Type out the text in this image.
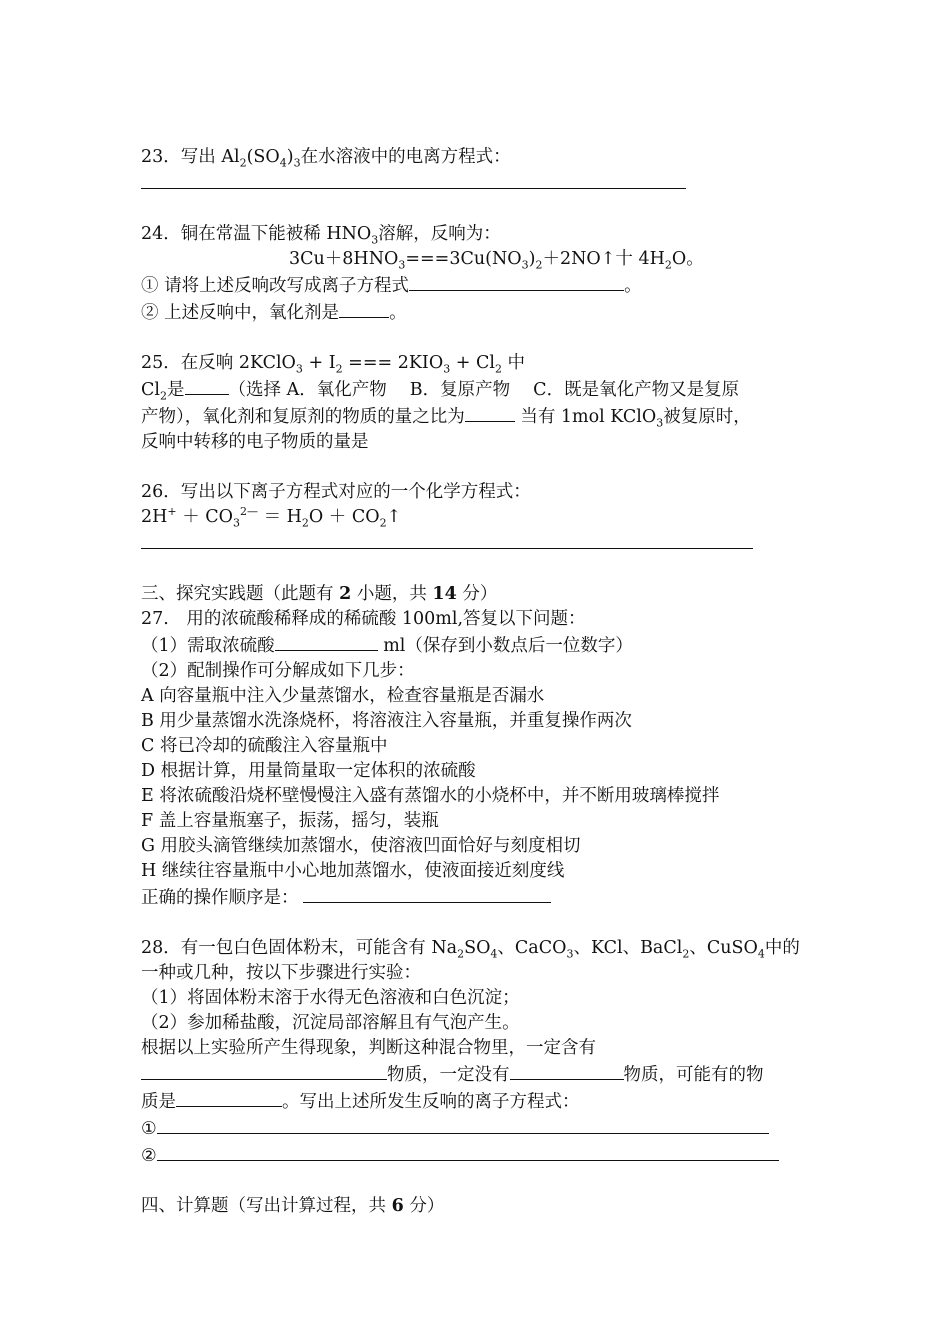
23．写出 $Al_2(SO_4)_3$在水溶液中的电离方程式：
24．铜在常温下能被稀 $HNO_3$溶解，反响为：
$3Cu+8HNO_3===3Cu(NO_3)_2+2NO↑$十 $4H_2O$。
① 请将上述反响改写成离子方程式	。
② 上述反响中，氧化剂是	。
25．在反响 2KClO$_3$ + $I_2$ === $2KIO_3 + Cl_2$ 中
$Cl_2$是	（选择 A．氧化产物　 B．复原产物　 C．既是氧化产物又是复原
产物），氧化剂和复原剂的物质的量之比为	当有 1mol KClO$_3$被复原时，
反响中转移的电子物质的量是
26．写出以下离子方程式对应的一个化学方程式：
$2H^+ + CO_3^{2—} = H_2O$ ＋ $CO_2↑$
三、探究实践题（此题有 2 小题，共 14 分）
27.　用的浓硫酸稀释成的稀硫酸 100ml,答复以下问题：
（1）需取浓硫酸	ml（保存到小数点后一位数字）
（2）配制操作可分解成如下几步：
A 向容量瓶中注入少量蒸馏水，检查容量瓶是否漏水
B 用少量蒸馏水洗涤烧杯，将溶液注入容量瓶，并重复操作两次
C 将已冷却的硫酸注入容量瓶中
D 根据计算，用量筒量取一定体积的浓硫酸
E 将浓硫酸沿烧杯壁慢慢注入盛有蒸馏水的小烧杯中，并不断用玻璃棒搅拌
F 盖上容量瓶塞子，振荡，摇匀，装瓶
G 用胶头滴管继续加蒸馏水，使溶液凹面恰好与刻度相切
H 继续往容量瓶中小心地加蒸馏水，使液面接近刻度线
正确的操作顺序是：
28．有一包白色固体粉末，可能含有 $Na_2SO_4$、CaCO$_3$、KCl、BaCl$_2$、CuSO$_4$中的
一种或几种，按以下步骤进行实验：
（1）将固体粉末溶于水得无色溶液和白色沉淀；
（2）参加稀盐酸，沉淀局部溶解且有气泡产生。
根据以上实验所产生得现象，判断这种混合物里，一定含有
物质，一定没有	物质，可能有的物
质是	。写出上述所发生反响的离子方程式：
①
②
四、计算题（写出计算过程，共 6 分）
